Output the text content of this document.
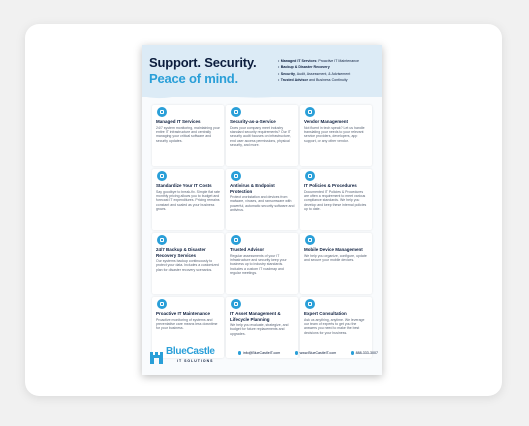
Support. Security.
Peace of mind.
• Managed IT Services: Proactive IT Maintenance
• Backup & Disaster Recovery
• Security, Audit, Assessment, & Advisement
• Trusted Advisor and Business Continuity
Managed IT Services
24/7 system monitoring, maintaining your entire IT infrastructure and centrally managing your critical software and security updates.
Security-as-a-Service
Does your company meet industry standard security requirements? Our IT security audit focuses on infrastructure, end user access permissions, physical security, and more.
Vendor Management
Not fluent in tech speak? Let us handle translating your needs to your relevant service providers, developers, app support, or any other vendor.
Standardize Your IT Costs
Say goodbye to break-fix. Simple flat rate monthly pricing allows you to budget and forecast IT expenditures. Pricing remains constant and scaled as your business grows.
Antivirus & Endpoint Protection
Protect workstation and devices from malware, viruses, and ransomware with powerful, automatic security software and antivirus.
IT Policies & Procedures
Documented IT Policies & Procedures are often a requirement to meet various compliance standards. We help you develop and keep these internal policies up to date.
24/7 Backup & Disaster Recovery Services
Our systems backup continuously to protect your data. Includes a customized plan for disaster recovery scenarios.
Trusted Advisor
Regular assessments of your IT infrastructure and security keep your business up to industry standards. Includes a custom IT roadmap and regular meetings.
Mobile Device Management
We help you organize, configure, update and secure your mobile devices.
Proactive IT Maintenance
Proactive monitoring of systems and preventative care means less downtime for your business.
IT Asset Management & Lifecycle Planning
We help you evaluate, strategize, and budget for future replacements and upgrades.
Expert Consultation
Ask us anything, anytime. We leverage our team of experts to get you the answers you need to make the best decisions for your business.
BlueCastle
IT SOLUTIONS
info@BlueCastleIT.com	www.BlueCastleIT.com	888-333-3007
